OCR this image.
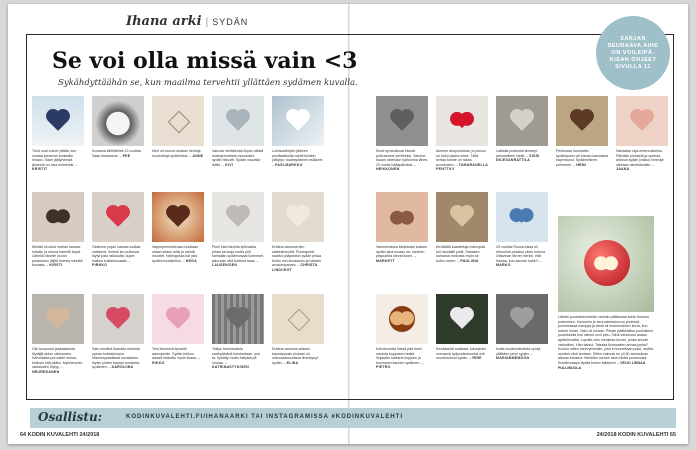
Ihana arki | SYDÄN
Se voi olla missä vain <3
Sykähdyttäähän se, kun maailma tervehtii yllättäen sydämen kuvalla.
SARJAN SEURAAVA AIHE ON VOILEIPÄ. KISAN OHJEET SIVULLA 11
Tulut ovat voinet ylittää, kun nostaa kameran korkealle ilmaan. Saari jäätyneestä järvestä on oiva esimerkki. – KRISTIT
Kuvassa kiltiöltteleä 13 vuotias. Saan kissamme. – PEE
Meri oli tuonut rantaan hentoja muotoiltuja sydämeksi. – ANNE
Vauvaa mettätessä löysin näistä mattojemoetsta muodostui sydän hissutti. Sydän vauvalla ikälle. – KIVI
Lumisadebyön jälkeen postilaatikolla odotti kiintein ylläytys: tuulesydämen esikkeet. – PASI-MARKKU
Meidät oli ulkut mahan kanssa rollalla, ja minua harmitti löysä. Lähellä hänelle kuvan porauksen jäljltä ilmesty sieestä kuvasta. – KIRSTI
Ostimme pojan kanssa tuoltaa valeleme. Ilmesti ien puikosta löytyi pala rakkautta: super makea suklaimusasta. – PIRKKO
Vappupemoileensa muokaan sitaan lelase tulisi jo meidä muuttet. Vahingossa tuli yksi sydänmuunkiellon. – NEGA
Pieni kävi talvella työmaalla pihan kenvoja mutta pilti samallan sydämuisaat kolmeset, jaka sain että tuntesa ssaa. – LAUSEIKSEN
Erääna aamuna tien sateelimmollä. Puneaportti saattui pääpantun sydän pihaa. Kuiku niin kuvaasuin ja hatasin avutuimpanani. – CHRISTA LINDCEGT
Olin kuspunut jaakalasesta löytäjät aidon rakkauden. Kahvilakka puruulteit minua, kelluvin sitä pitäisi. Myöhemmin rakkauden löytyy. – HEUREKANEN
Sain ennäträ ihanalta mehelta upean kukkakimpun. Mammupalaikkaa kuvakasen löysin yhden kauran ennänsiu sydämen. – KAROLIINA
Tein kinnmisit lepselle aamuperän. Sydän lekkuu lasssä liinkulttu myös ilossa. – RIKKO
Ylätys harmissaisia sadepäivänä kolotuetaan. puri ta, hyöätty muttu tuillystä pä rossaa. – KATRINASTYKISEN
Erääna aamuna anksen kauraipussin pintaan oli mikroaaltouunissa ilmestynyt sydän. – ELINA
Kivet symbolisoat kivistä polkuamme perheeksi. Samme kauan ostetulun työtoinina lähes 20 vuotis häääpäivänä. – HEIKKONEN
Aminen akupuriistota, ja juosus on tullut pisara verta. Tällä kertaa kohde on rakas avonimeen. – TAMARANELLA PENTTILY
Lattialla postessä ilmestyi: pesuselkein viesti. – SISSI INCESANRATTILA
Penkossa huomattiu sydämpuhu vei kisnan kauvaasa bayenkorut. Sydämellinen perhenen. – HEMI
Sairaalan raja-entenrokkeisa. Päivään pinnastä ja opimaa arkiova sydän (rakko) ilmestyi: oikeaan nimettömään. – JAANA
Vaenmmassa kädessäni kuilaen sydän aina muasu ne: ranteen piispulelta olevat luomi. – MARKETT
Kevätällä kaadettuja männystä tuli haudallit pallit. Sahasen samasta runkosta myös se kulho oveen. – PAULIINA
25 vuotias Roosa-kissa oli rekonituit pesaisa yksin kotona. Ottavinan tärnet menixi, että ihanaa, kun saovan kokin? – MARKO
Lähdin puutokkemetsiän vanmin pääkissaa kohin flunssa poteminen. Kavormin je seurustelaskuvuu yhdessä poninmassa menjoja ja tämä oli ensimmäinen kerta, kun mamn nivsiri. Satu oli runsas. Pävän pääkkäkisa punkikimio puutoksella kuri siimmi ovoi pinu. Siinä varsinuuri asasa ajattelematta. Lopulta ollin menjelaa kuvan, jonka annoin valmolleni. Hän tiahtui. Taissaa flunssaiten arinaa jonka? Kuulun sitten meevyrinmäin, joka ei tunnettaan pulut, muttia osottan viisti teotaan. Sitten vaimosi en yli 30 aviossiluan aikana tutustua. Mehiläni menee aina mintiä puutoksisa. Kuvitteluaapa lilytää toinen tällainen! – VEIJO LINNAA PULLIBUOLA
Kahvikuretta löissä pää tinen naututa kuppasen testiä. Sujauttin salesrie kuppain ja huomasin kauniin sydämen. – PIETRO
Kevääseltä mallasta, käveyintin veenamä hyllyvalkoiseeksi erä muodostunut sydän. – RIRE
Isolla moottoriahahtia syntyi yllättäen pieni sydän. – MARIANMEMÖÖN
Osallistu:	KODINKUVALEHTI.FI/IHANAARKI TAI INSTAGRAMISSA #KODINKUVALEHTI
64 KODIN KUVALEHTI 24/2018	24/2018 KODIN KUVALEHTI 65
